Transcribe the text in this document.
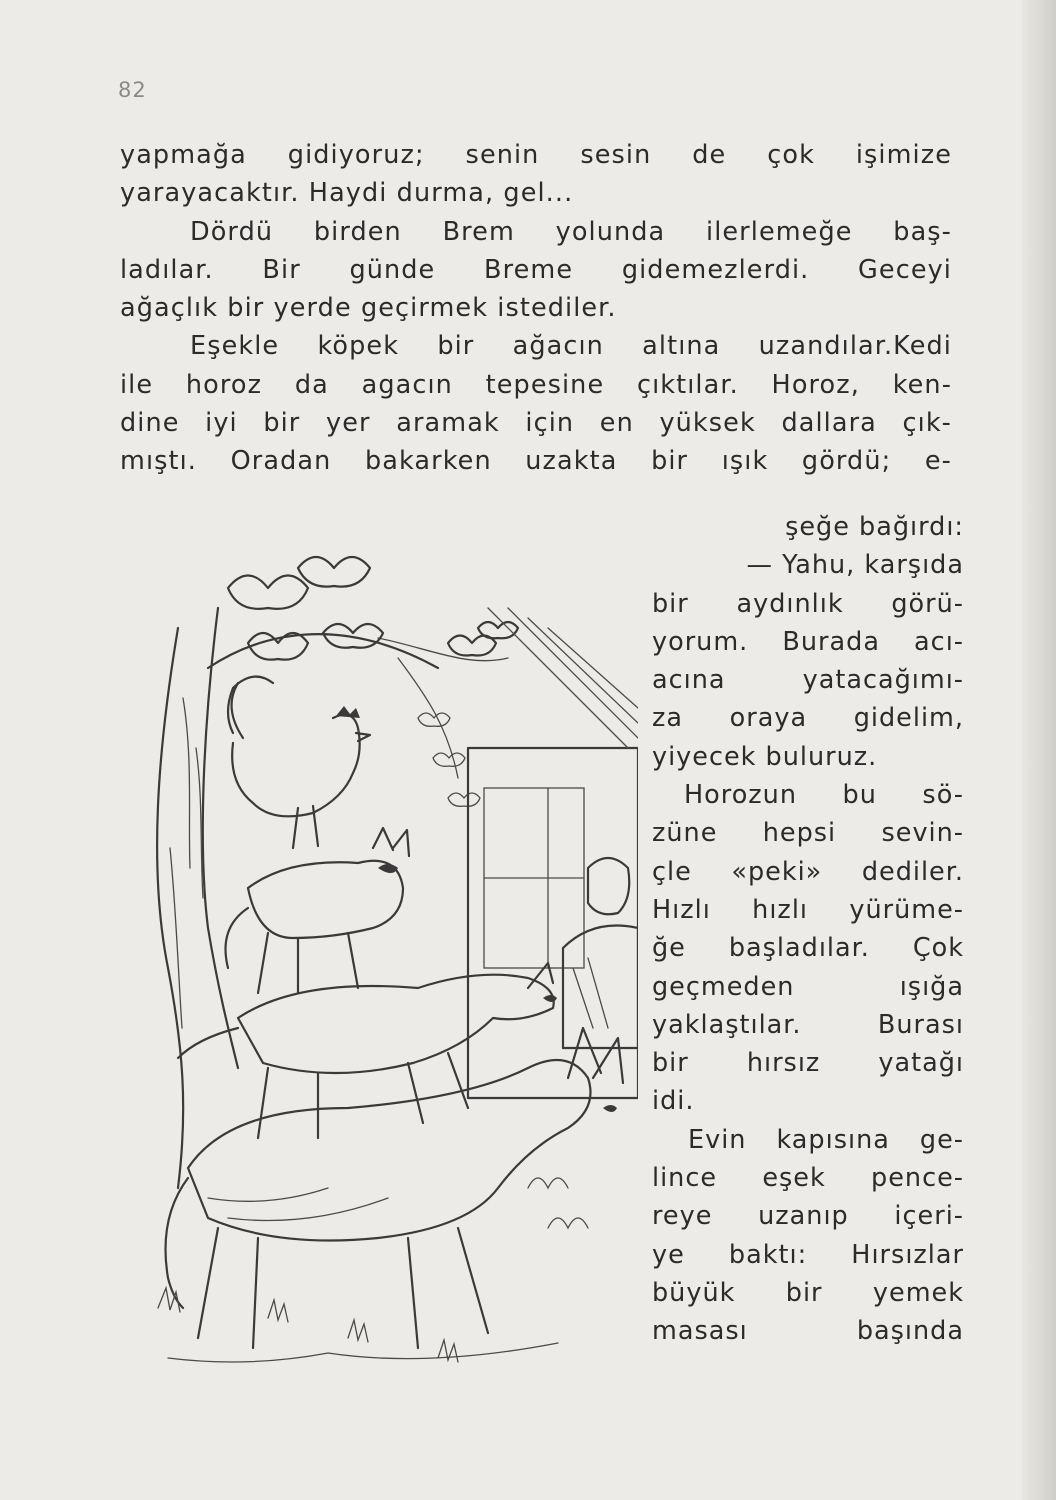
82
yapmağa gidiyoruz; senin sesin de çok işimize
yarayacaktır. Haydi durma, gel...
Dördü birden Brem yolunda ilerlemeğe baş-
ladılar. Bir günde Breme gidemezlerdi. Geceyi
ağaçlık bir yerde geçirmek istediler.
Eşekle köpek bir ağacın altına uzandılar.Kedi
ile horoz da agacın tepesine çıktılar. Horoz, ken-
dine iyi bir yer aramak için en yüksek dallara çık-
mıştı. Oradan bakarken uzakta bir ışık gördü; e-
şeğe bağırdı:
— Yahu, karşıda
bir aydınlık görü-
yorum. Burada acı-
acına yatacağımı-
za oraya gidelim,
yiyecek buluruz.
Horozun bu sö-
züne hepsi sevin-
çle «peki» dediler.
Hızlı hızlı yürüme-
ğe başladılar. Çok
geçmeden ışığa
yaklaştılar. Burası
bir hırsız yatağı
idi.
Evin kapısına ge-
lince eşek pence-
reye uzanıp içeri-
ye baktı: Hırsızlar
büyük bir yemek
masası başında
